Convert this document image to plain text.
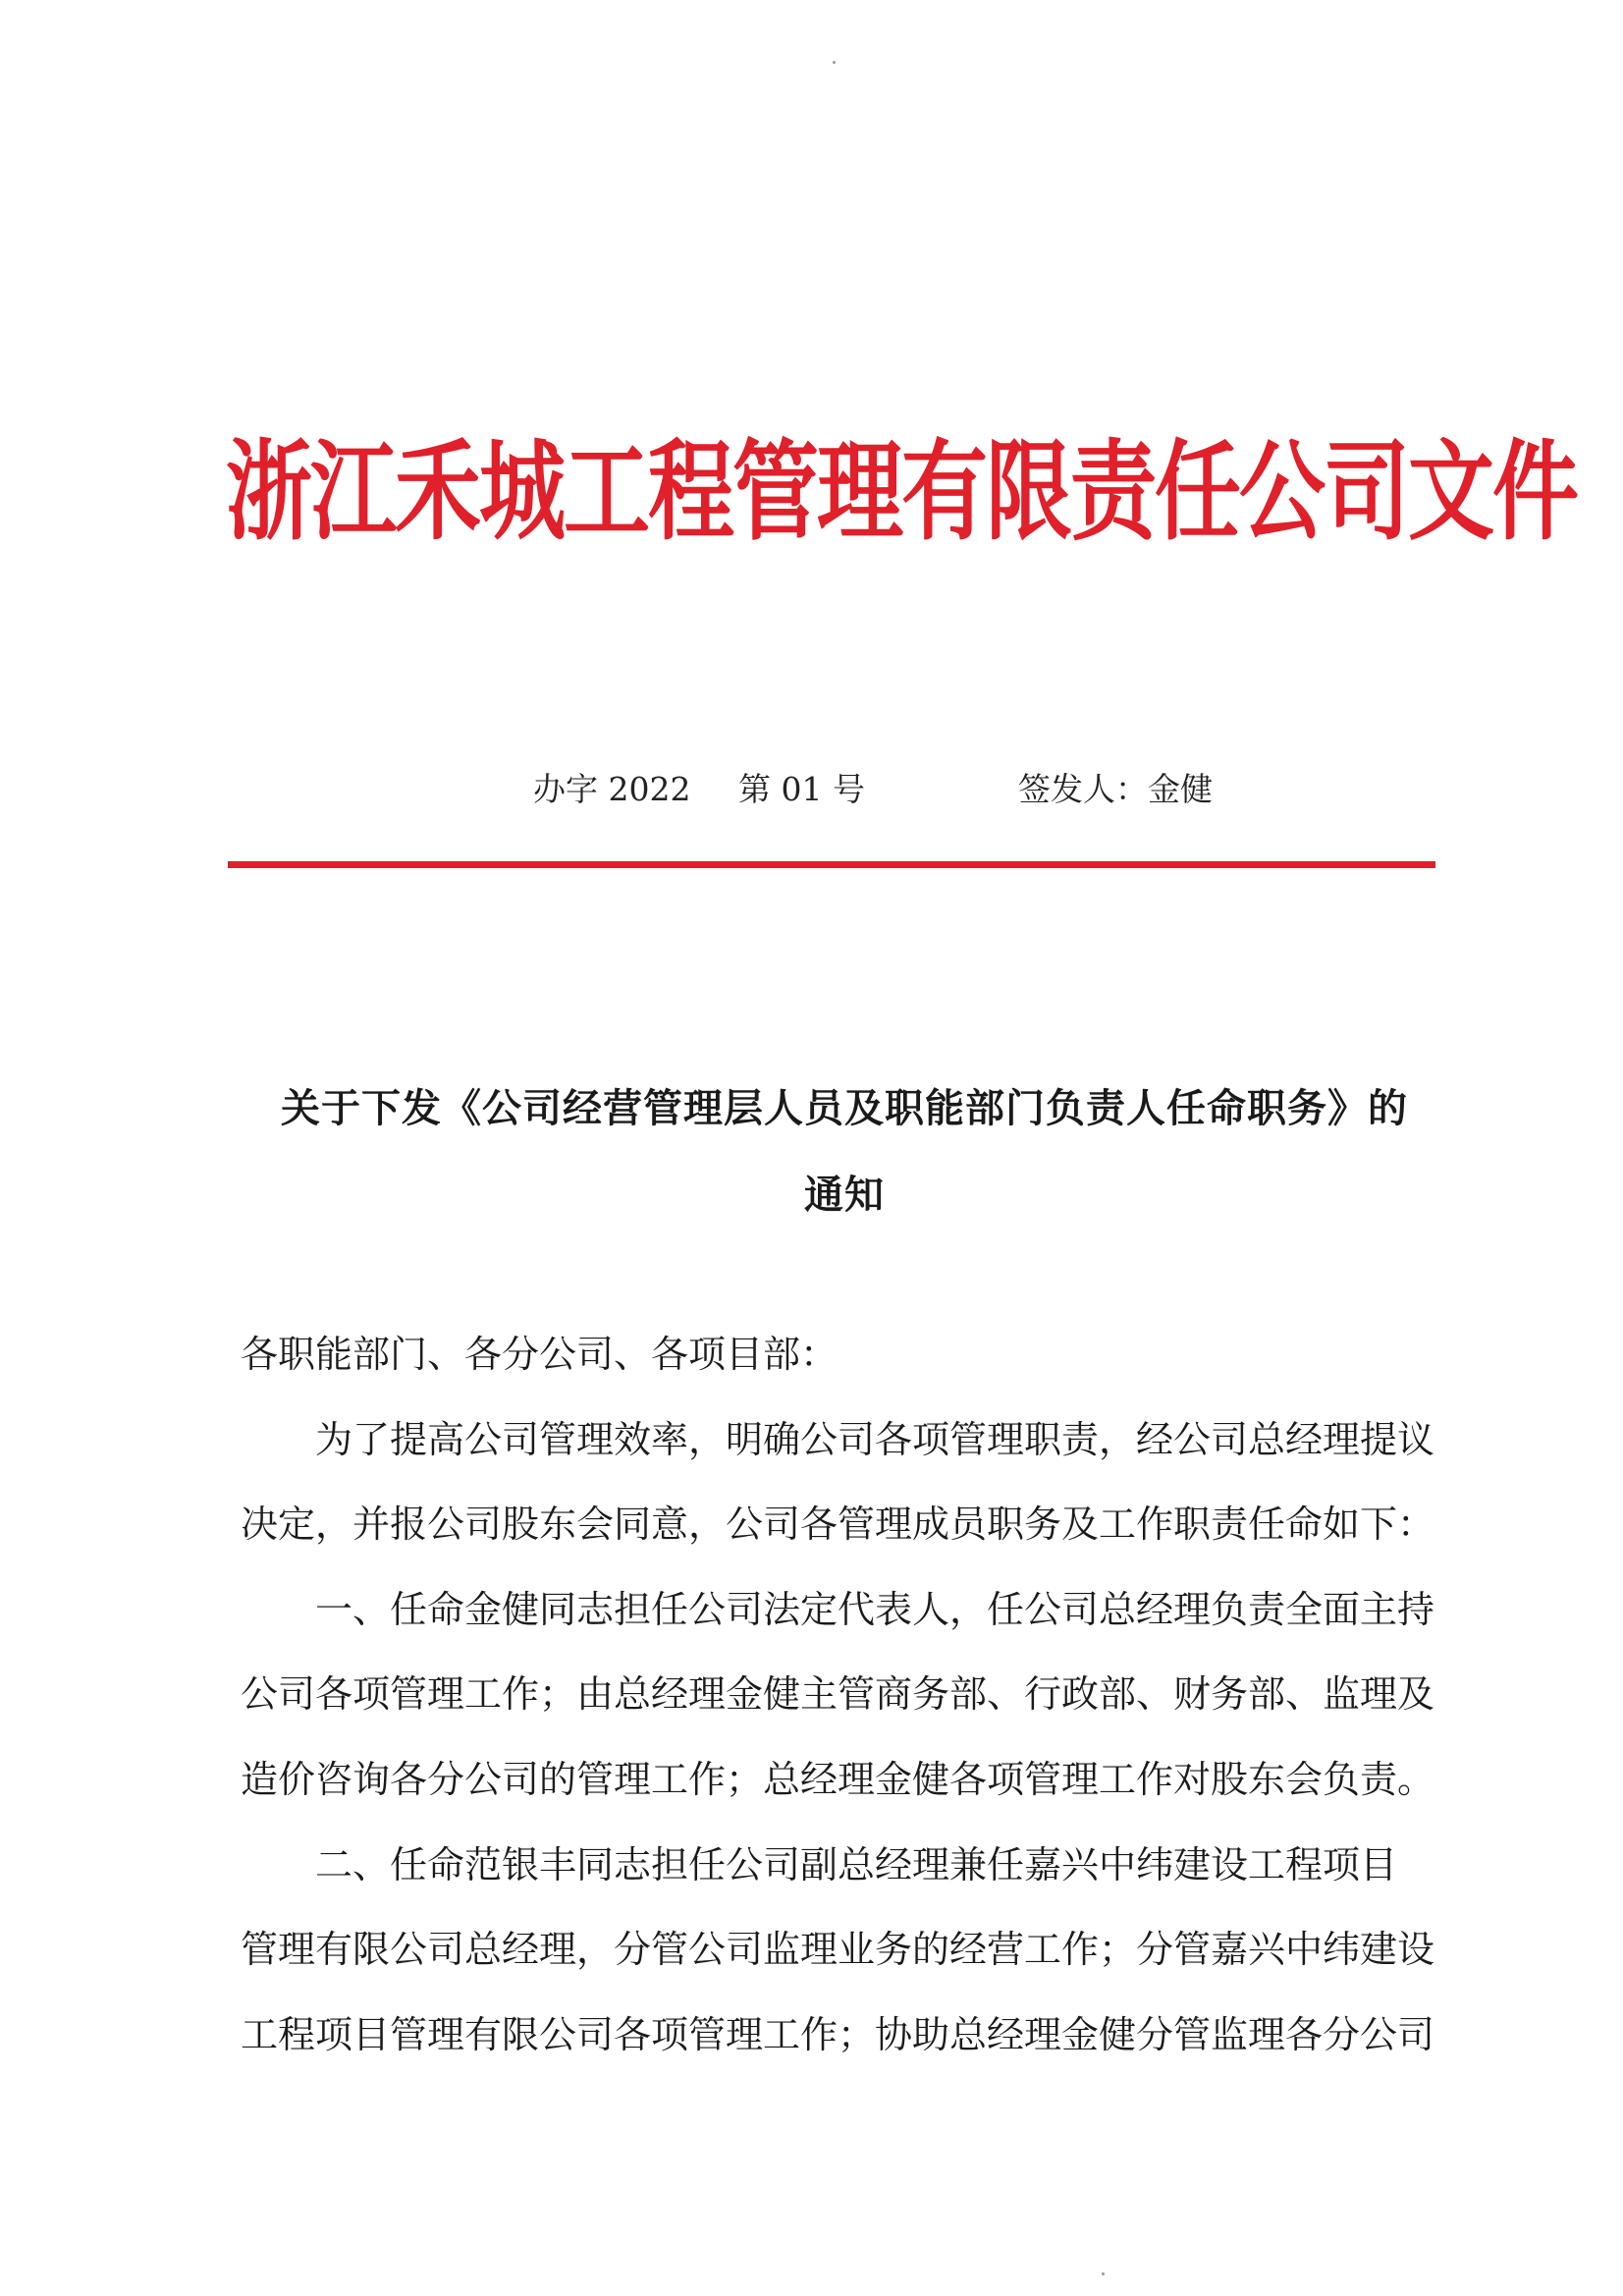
浙江禾城工程管理有限责任公司文件
办字 2022 第 01 号	签发人：金健
关于下发《公司经营管理层人员及职能部门负责人任命职务》的
通知

各职能部门、各分公司、各项目部：

为了提高公司管理效率，明确公司各项管理职责，经公司总经理提议

决定，并报公司股东会同意，公司各管理成员职务及工作职责任命如下：

一、任命金健同志担任公司法定代表人，任公司总经理负责全面主持

公司各项管理工作；由总经理金健主管商务部、行政部、财务部、监理及

造价咨询各分公司的管理工作；总经理金健各项管理工作对股东会负责。

二、任命范银丰同志担任公司副总经理兼任嘉兴中纬建设工程项目

管理有限公司总经理，分管公司监理业务的经营工作；分管嘉兴中纬建设

工程项目管理有限公司各项管理工作；协助总经理金健分管监理各分公司
